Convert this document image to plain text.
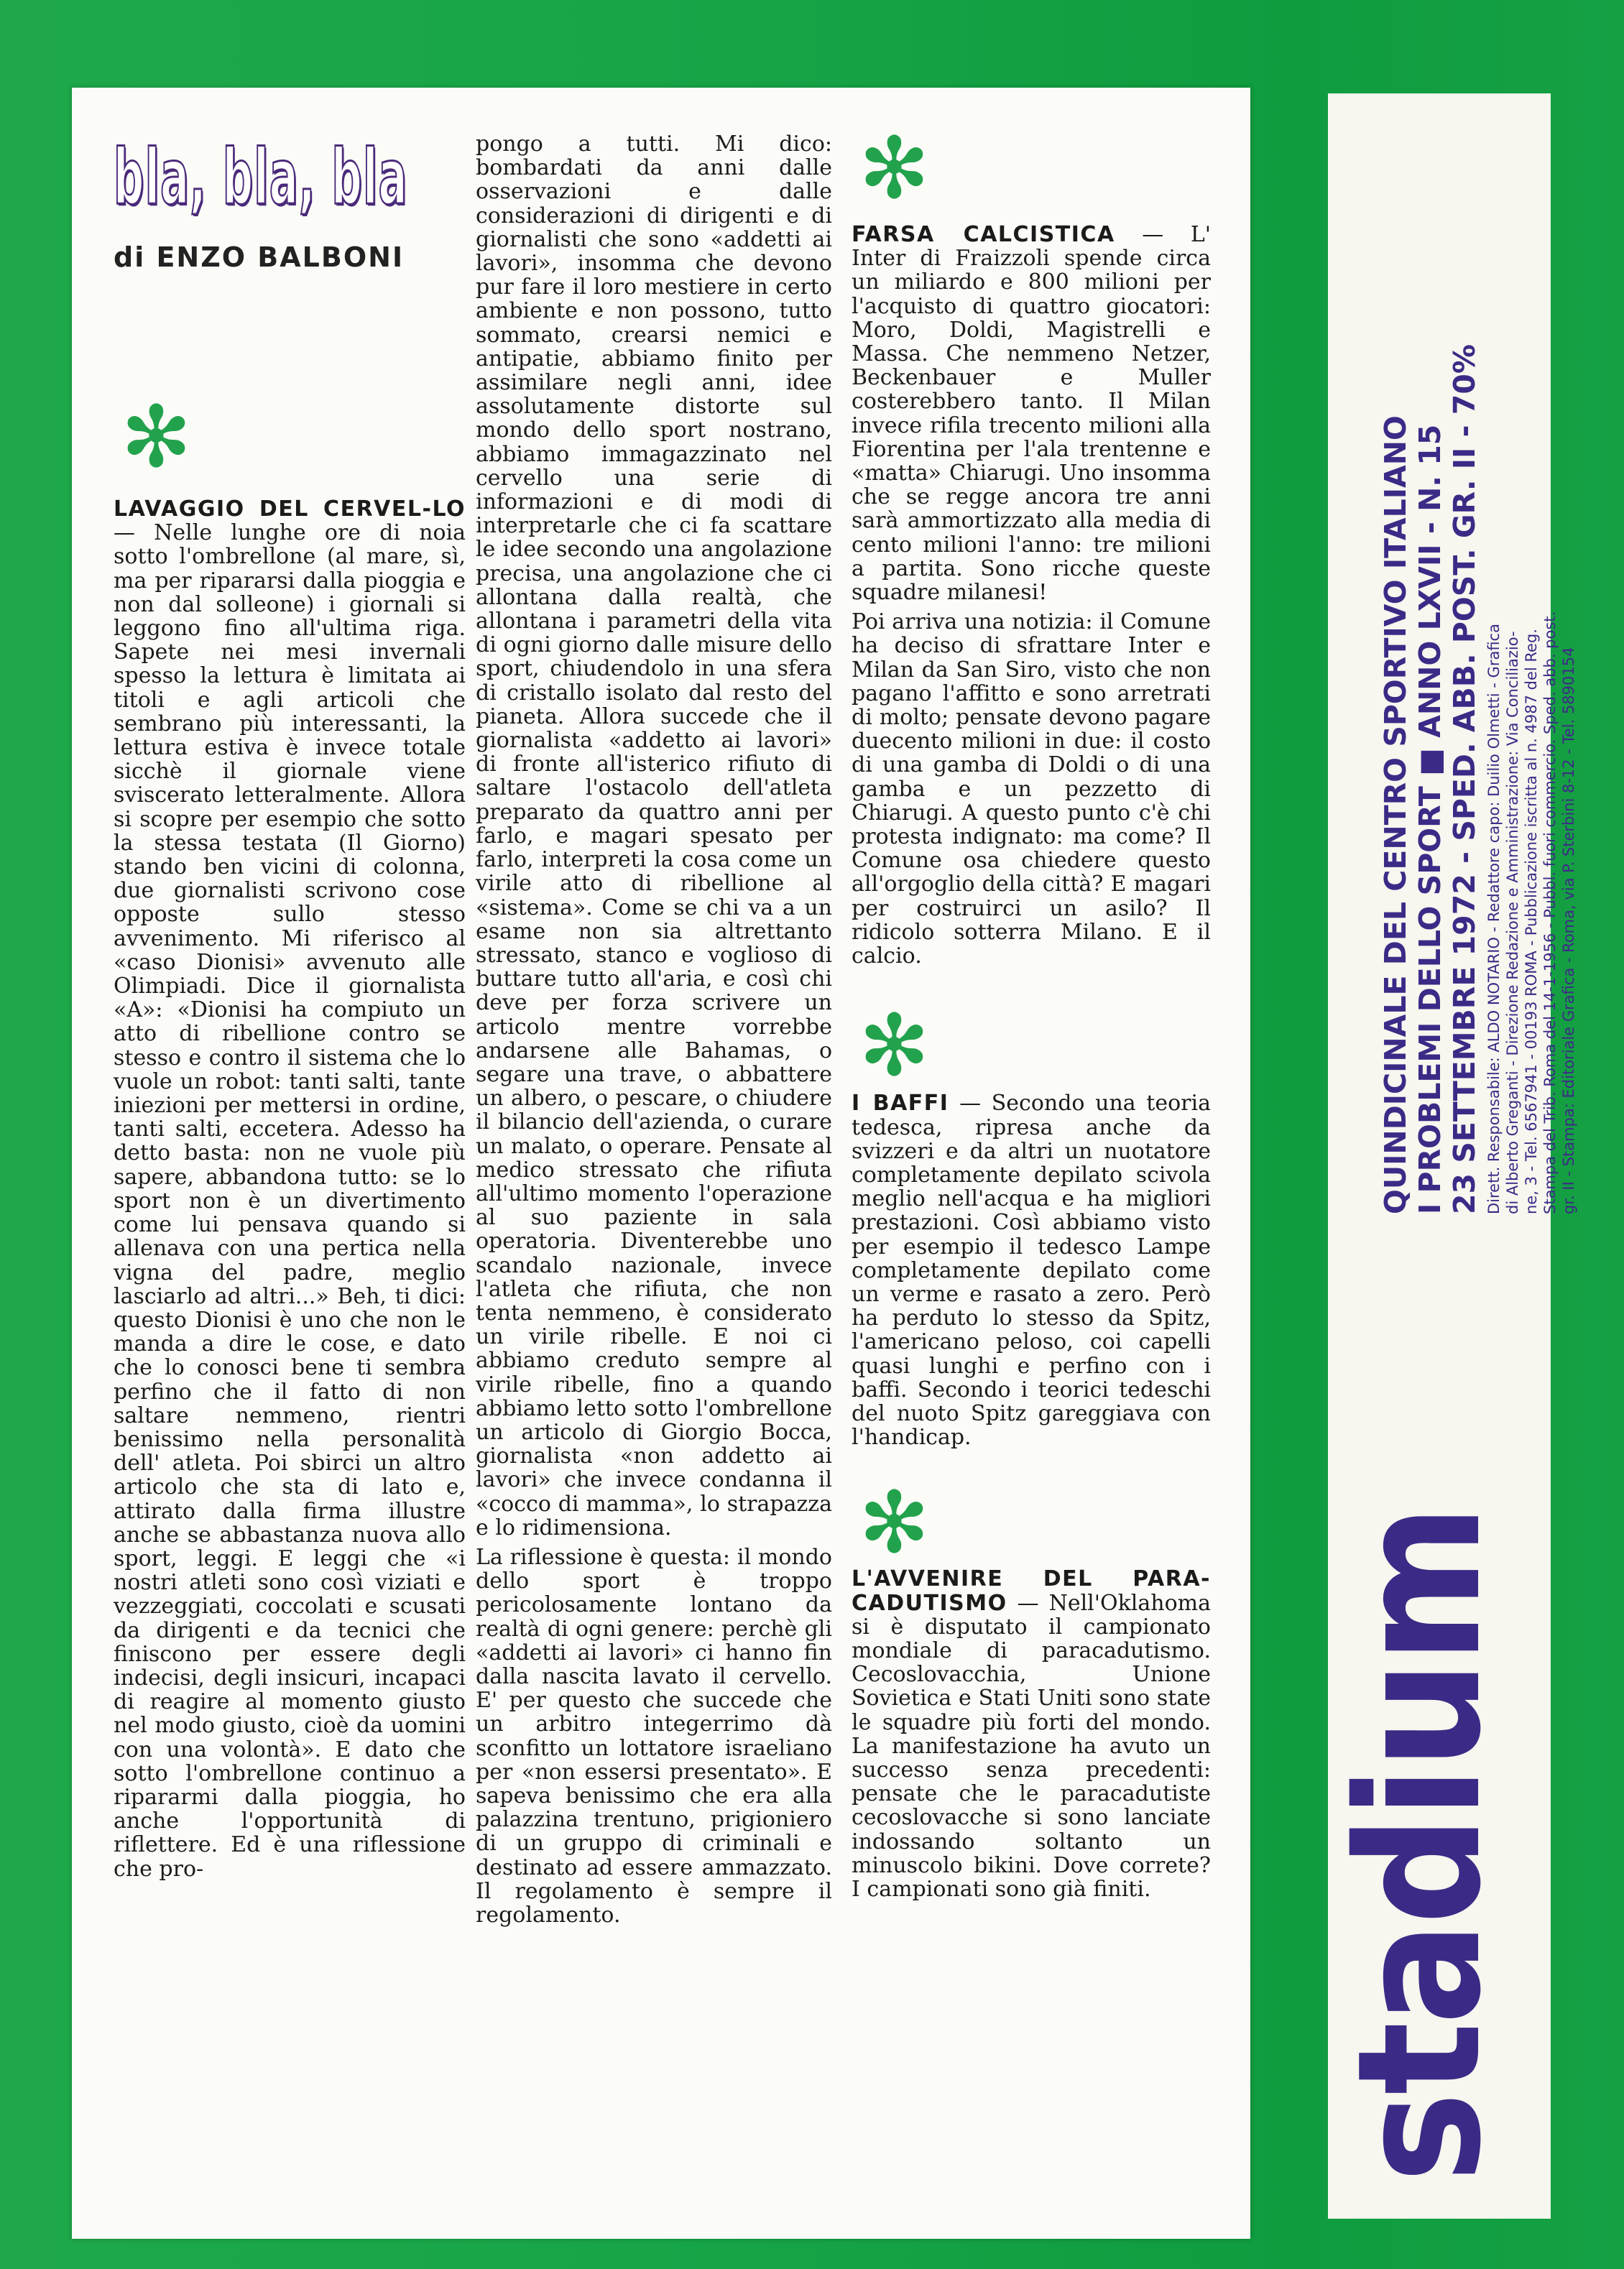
bla, bla, bla
di ENZO BALBONI
✻

LAVAGGIO DEL CERVEL-LO — Nelle lunghe ore di noia sotto l'ombrellone (al mare, sì, ma per ripararsi dalla pioggia e non dal solleone) i giornali si leggono fino all'ultima riga. Sapete nei mesi invernali spesso la lettura è limitata ai titoli e agli articoli che sembrano più interessanti, la lettura estiva è invece totale sicchè il giornale viene sviscerato letteralmente. Allora si scopre per esempio che sotto la stessa testata (Il Giorno) stando ben vicini di colonna, due giornalisti scrivono cose opposte sullo stesso avvenimento. Mi riferisco al «caso Dionisi» avvenuto alle Olimpiadi. Dice il giornalista «A»: «Dionisi ha compiuto un atto di ribellione contro se stesso e contro il sistema che lo vuole un robot: tanti salti, tante iniezioni per mettersi in ordine, tanti salti, eccetera. Adesso ha detto basta: non ne vuole più sapere, abbandona tutto: se lo sport non è un divertimento come lui pensava quando si allenava con una pertica nella vigna del padre, meglio lasciarlo ad altri...» Beh, ti dici: questo Dionisi è uno che non le manda a dire le cose, e dato che lo conosci bene ti sembra perfino che il fatto di non saltare nemmeno, rientri benissimo nella personalità dell' atleta. Poi sbirci un altro articolo che sta di lato e, attirato dalla firma illustre anche se abbastanza nuova allo sport, leggi. E leggi che «i nostri atleti sono così viziati e vezzeggiati, coccolati e scusati da dirigenti e da tecnici che finiscono per essere degli indecisi, degli insicuri, incapaci di reagire al momento giusto nel modo giusto, cioè da uomini con una volontà». E dato che sotto l'ombrellone continuo a ripararmi dalla pioggia, ho anche l'opportunità di riflettere. Ed è una riflessione che pro-

pongo a tutti. Mi dico: bombardati da anni dalle osservazioni e dalle considerazioni di dirigenti e di giornalisti che sono «addetti ai lavori», insomma che devono pur fare il loro mestiere in certo ambiente e non possono, tutto sommato, crearsi nemici e antipatie, abbiamo finito per assimilare negli anni, idee assolutamente distorte sul mondo dello sport nostrano, abbiamo immagazzinato nel cervello una serie di informazioni e di modi di interpretarle che ci fa scattare le idee secondo una angolazione precisa, una angolazione che ci allontana dalla realtà, che allontana i parametri della vita di ogni giorno dalle misure dello sport, chiudendolo in una sfera di cristallo isolato dal resto del pianeta. Allora succede che il giornalista «addetto ai lavori» di fronte all'isterico rifiuto di saltare l'ostacolo dell'atleta preparato da quattro anni per farlo, e magari spesato per farlo, interpreti la cosa come un virile atto di ribellione al «sistema». Come se chi va a un esame non sia altrettanto stressato, stanco e voglioso di buttare tutto all'aria, e così chi deve per forza scrivere un articolo mentre vorrebbe andarsene alle Bahamas, o segare una trave, o abbattere un albero, o pescare, o chiudere il bilancio dell'azienda, o curare un malato, o operare. Pensate al medico stressato che rifiuta all'ultimo momento l'operazione al suo paziente in sala operatoria. Diventerebbe uno scandalo nazionale, invece l'atleta che rifiuta, che non tenta nemmeno, è considerato un virile ribelle. E noi ci abbiamo creduto sempre al virile ribelle, fino a quando abbiamo letto sotto l'ombrellone un articolo di Giorgio Bocca, giornalista «non addetto ai lavori» che invece condanna il «cocco di mamma», lo strapazza e lo ridimensiona.

La riflessione è questa: il mondo dello sport è troppo pericolosamente lontano da realtà di ogni genere: perchè gli «addetti ai lavori» ci hanno fin dalla nascita lavato il cervello. E' per questo che succede che un arbitro integerrimo dà sconfitto un lottatore israeliano per «non essersi presentato». E sapeva benissimo che era alla palazzina trentuno, prigioniero di un gruppo di criminali e destinato ad essere ammazzato. Il regolamento è sempre il regolamento.

✻

FARSA CALCISTICA — L' Inter di Fraizzoli spende circa un miliardo e 800 milioni per l'acquisto di quattro giocatori: Moro, Doldi, Magistrelli e Massa. Che nemmeno Netzer, Beckenbauer e Muller costerebbero tanto. Il Milan invece rifila trecento milioni alla Fiorentina per l'ala trentenne e «matta» Chiarugi. Uno insomma che se regge ancora tre anni sarà ammortizzato alla media di cento milioni l'anno: tre milioni a partita. Sono ricche queste squadre milanesi!

Poi arriva una notizia: il Comune ha deciso di sfrattare Inter e Milan da San Siro, visto che non pagano l'affitto e sono arretrati di molto; pensate devono pagare duecento milioni in due: il costo di una gamba di Doldi o di una gamba e un pezzetto di Chiarugi. A questo punto c'è chi protesta indignato: ma come? Il Comune osa chiedere questo all'orgoglio della città? E magari per costruirci un asilo? Il ridicolo sotterra Milano. E il calcio.

✻

I BAFFI — Secondo una teoria tedesca, ripresa anche da svizzeri e da altri un nuotatore completamente depilato scivola meglio nell'acqua e ha migliori prestazioni. Così abbiamo visto per esempio il tedesco Lampe completamente depilato come un verme e rasato a zero. Però ha perduto lo stesso da Spitz, l'americano peloso, coi capelli quasi lunghi e perfino con i baffi. Secondo i teorici tedeschi del nuoto Spitz gareggiava con l'handicap.

✻

L'AVVENIRE DEL PARA-CADUTISMO — Nell'Oklahoma si è disputato il campionato mondiale di paracadutismo. Cecoslovacchia, Unione Sovietica e Stati Uniti sono state le squadre più forti del mondo. La manifestazione ha avuto un successo senza precedenti: pensate che le paracadutiste cecoslovacche si sono lanciate indossando soltanto un minuscolo bikini. Dove correte? I campionati sono già finiti.	stadium
QUINDICINALE DEL CENTRO SPORTIVO ITALIANO I PROBLEMI DELLO SPORT ■ ANNO LXVII - N. 15 23 SETTEMBRE 1972 - SPED. ABB. POST. GR. II - 70% Dirett. Responsabile: ALDO NOTARIO - Redattore capo: Duilio Olmetti - Grafica di Alberto Greganti - Direzione Redazione e Amministrazione: Via Conciliazio- ne, 3 - Tel. 6567941 - 00193 ROMA - Pubblicazione iscritta al n. 4987 del Reg. Stampa del Trib. Roma del 14-1-1956 - Pubbl. fuori commercio. Sped. abb. post. gr. II - Stampa: Editoriale Grafica - Roma, via P. Sterbini 8-12 - Tel. 5890154
